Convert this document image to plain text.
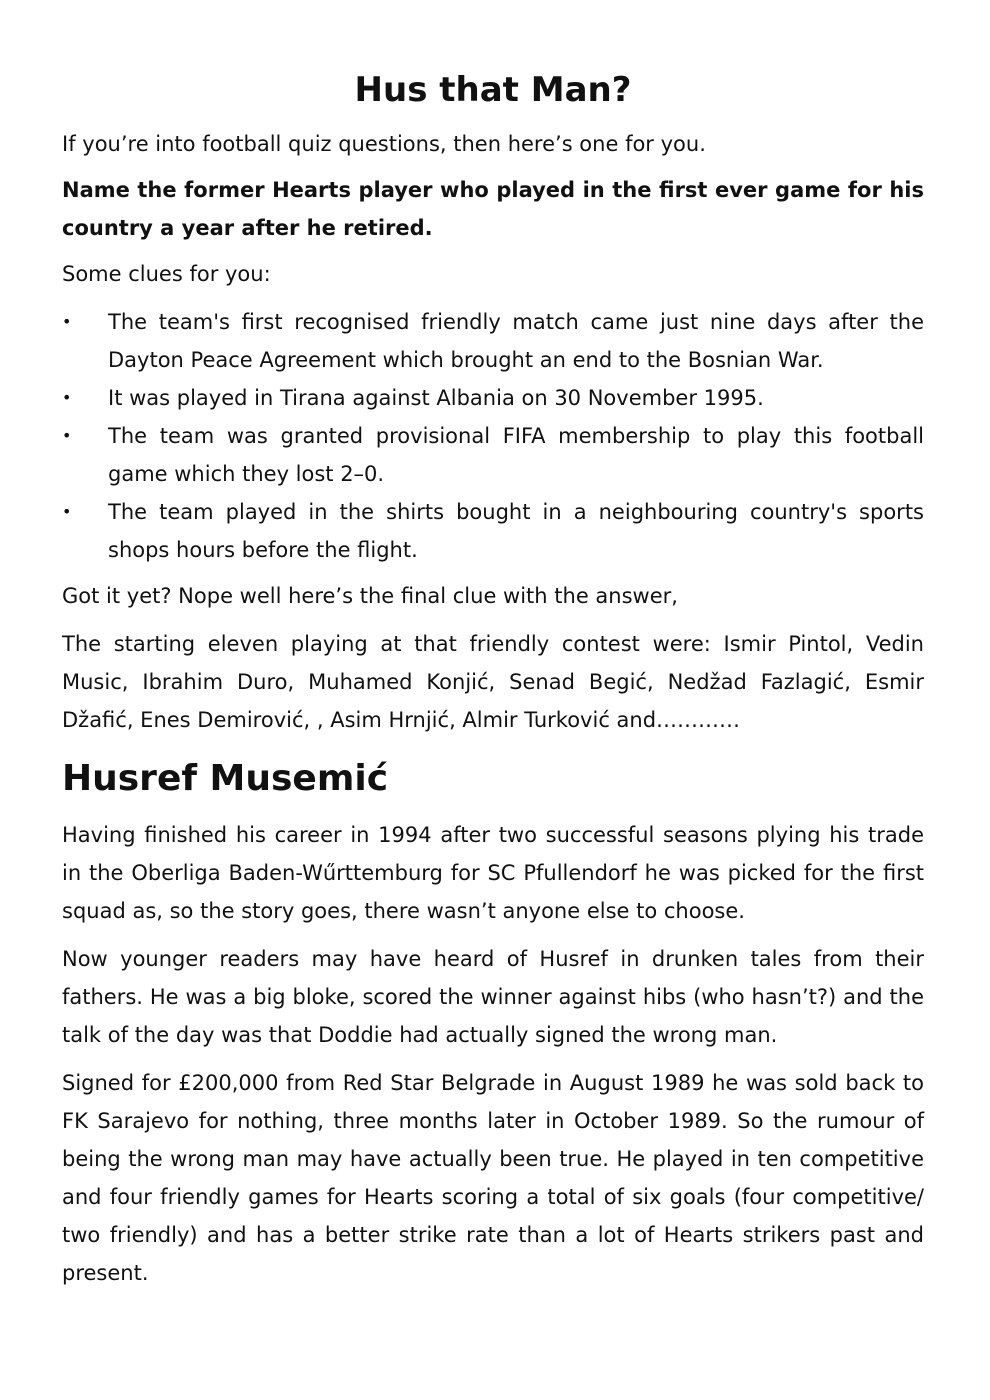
Hus that Man?

If you’re into football quiz questions, then here’s one for you.

Name the former Hearts player who played in the first ever game for his country a year after he retired.

Some clues for you:

•	The team's first recognised friendly match came just nine days after the Dayton Peace Agreement which brought an end to the Bosnian War.
•	It was played in Tirana against Albania on 30 November 1995.
•	The team was granted provisional FIFA membership to play this football game which they lost 2–0.
•	The team played in the shirts bought in a neighbouring country's sports shops hours before the flight.

Got it yet? Nope well here’s the final clue with the answer,

The starting eleven playing at that friendly contest were: Ismir Pintol, Vedin Music, Ibrahim Duro, Muhamed Konjić, Senad Begić, Nedžad Fazlagić, Esmir Džafić, Enes Demirović, , Asim Hrnjić, Almir Turković and…………

Husref Musemić

Having finished his career in 1994 after two successful seasons plying his trade in the Oberliga Baden-Wűrttemburg for SC Pfullendorf he was picked for the first squad as, so the story goes, there wasn’t anyone else to choose.

Now younger readers may have heard of Husref in drunken tales from their fathers. He was a big bloke, scored the winner against hibs (who hasn’t?) and the talk of the day was that Doddie had actually signed the wrong man.

Signed for £200,000 from Red Star Belgrade in August 1989 he was sold back to FK Sarajevo for nothing, three months later in October 1989. So the rumour of being the wrong man may have actually been true. He played in ten competitive and four friendly games for Hearts scoring a total of six goals (four competitive/ two friendly) and has a better strike rate than a lot of Hearts strikers past and present.
